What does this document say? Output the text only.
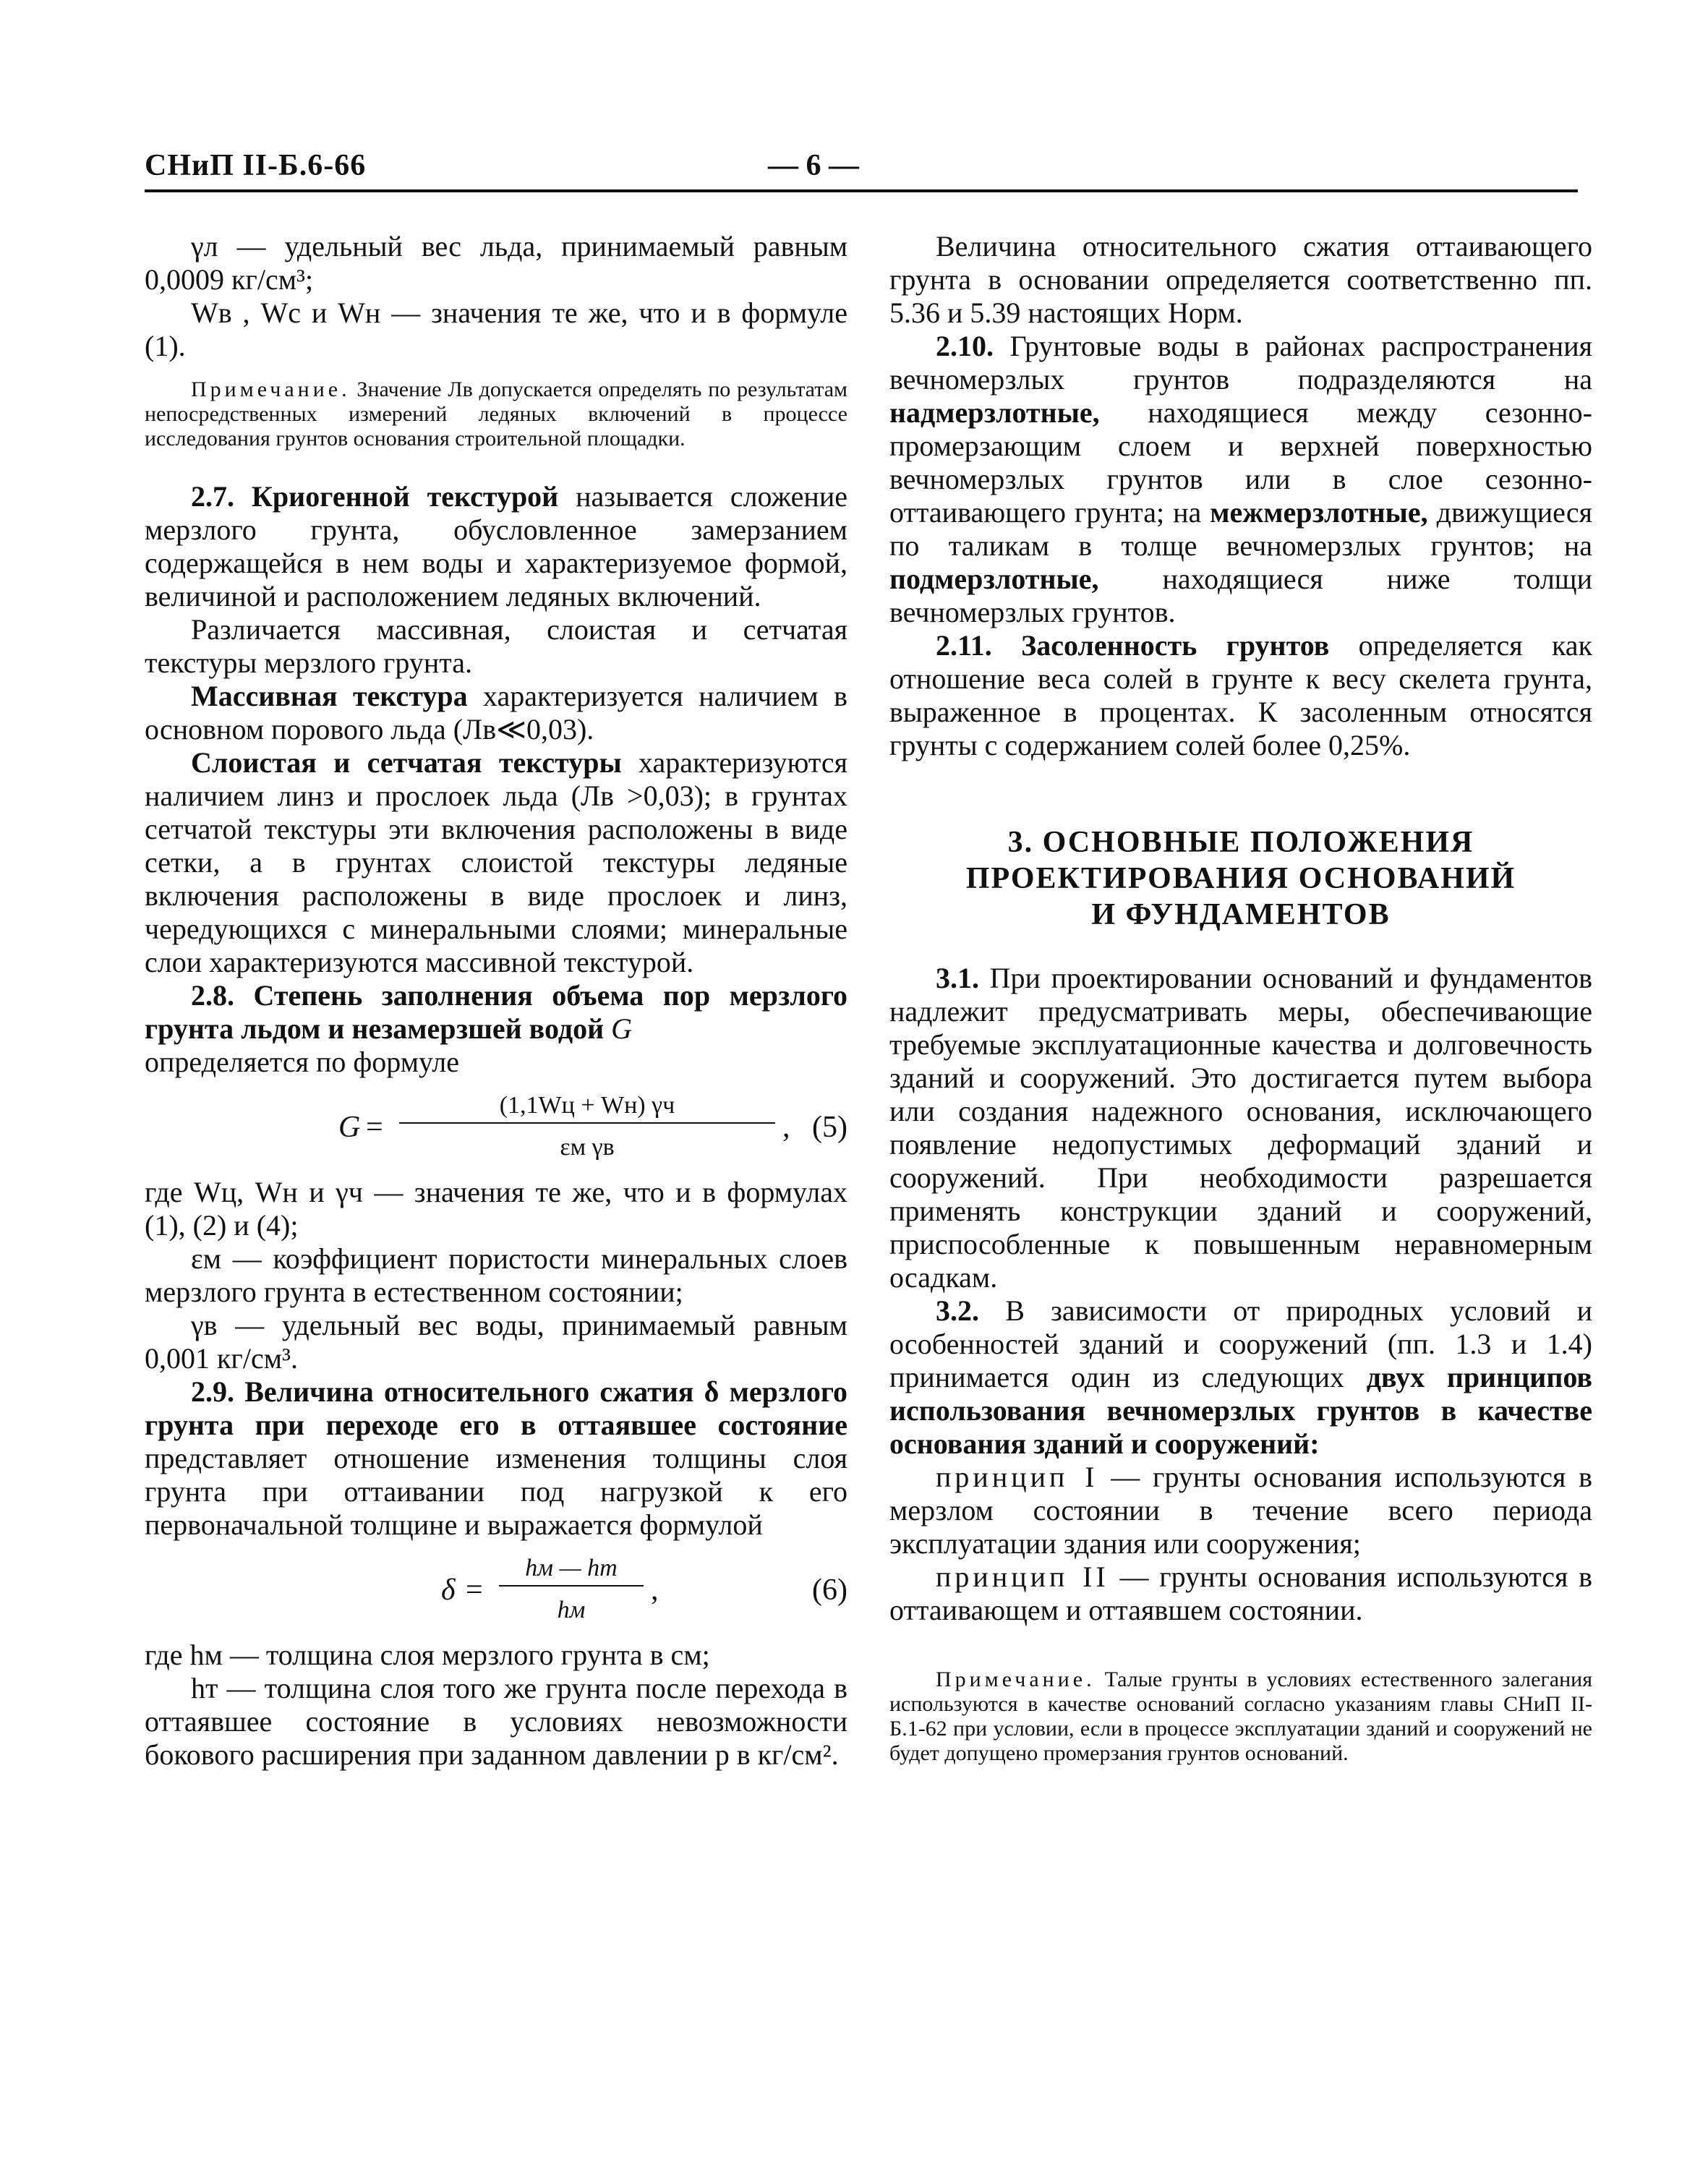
СНиП II-Б.6-66	— 6 —

γл — удельный вес льда, принимаемый равным 0,0009 кг/см³;

Wв , Wс и Wн — значения те же, что и в формуле (1).

Примечание. Значение Лв допускается определять по результатам непосредственных измерений ледяных включений в процессе исследования грунтов основания строительной площадки.

2.7. Криогенной текстурой называется сложение мерзлого грунта, обусловленное замерзанием содержащейся в нем воды и характеризуемое формой, величиной и расположением ледяных включений.

Различается массивная, слоистая и сетчатая текстуры мерзлого грунта.

Массивная текстура характеризуется наличием в основном порового льда (Лв≪0,03).

Слоистая и сетчатая текстуры характеризуются наличием линз и прослоек льда (Лв >0,03); в грунтах сетчатой текстуры эти включения расположены в виде сетки, а в грунтах слоистой текстуры ледяные включения расположены в виде прослоек и линз, чередующихся с минеральными слоями; минеральные слои характеризуются массивной текстурой.

2.8. Степень заполнения объема пор мерзлого грунта льдом и незамерзшей водой G

определяется по формуле

G =
(1,1Wц + Wн) γч
εм γв
, (5)

где Wц, Wн и γч — значения те же, что и в формулах (1), (2) и (4);

εм — коэффициент пористости минеральных слоев мерзлого грунта в естественном состоянии;

γв — удельный вес воды, принимаемый равным 0,001 кг/см³.

2.9. Величина относительного сжатия δ мерзлого грунта при переходе его в оттаявшее состояние представляет отношение изменения толщины слоя грунта при оттаивании под нагрузкой к его первоначальной толщине и выражается формулой

δ =
hм — hт
hм
,	(6)

где hм — толщина слоя мерзлого грунта в см;

hт — толщина слоя того же грунта после перехода в оттаявшее состояние в условиях невозможности бокового расширения при заданном давлении p в кг/см².

Величина относительного сжатия оттаивающего грунта в основании определяется соответственно пп. 5.36 и 5.39 настоящих Норм.

2.10. Грунтовые воды в районах распространения вечномерзлых грунтов подразделяются на надмерзлотные, находящиеся между сезонно-промерзающим слоем и верхней поверхностью вечномерзлых грунтов или в слое сезонно-оттаивающего грунта; на межмерзлотные, движущиеся по таликам в толще вечномерзлых грунтов; на подмерзлотные, находящиеся ниже толщи вечномерзлых грунтов.

2.11. Засоленность грунтов определяется как отношение веса солей в грунте к весу скелета грунта, выраженное в процентах. К засоленным относятся грунты с содержанием солей более 0,25%.

3. ОСНОВНЫЕ ПОЛОЖЕНИЯ

ПРОЕКТИРОВАНИЯ ОСНОВАНИЙ

И ФУНДАМЕНТОВ

3.1. При проектировании оснований и фундаментов надлежит предусматривать меры, обеспечивающие требуемые эксплуатационные качества и долговечность зданий и сооружений. Это достигается путем выбора или создания надежного основания, исключающего появление недопустимых деформаций зданий и сооружений. При необходимости разрешается применять конструкции зданий и сооружений, приспособленные к повышенным неравномерным осадкам.

3.2. В зависимости от природных условий и особенностей зданий и сооружений (пп. 1.3 и 1.4) принимается один из следующих двух принципов использования вечномерзлых грунтов в качестве основания зданий и сооружений:

принцип I — грунты основания используются в мерзлом состоянии в течение всего периода эксплуатации здания или сооружения;

принцип II — грунты основания используются в оттаивающем и оттаявшем состоянии.

Примечание. Талые грунты в условиях естественного залегания используются в качестве оснований согласно указаниям главы СНиП II-Б.1-62 при условии, если в процессе эксплуатации зданий и сооружений не будет допущено промерзания грунтов оснований.
